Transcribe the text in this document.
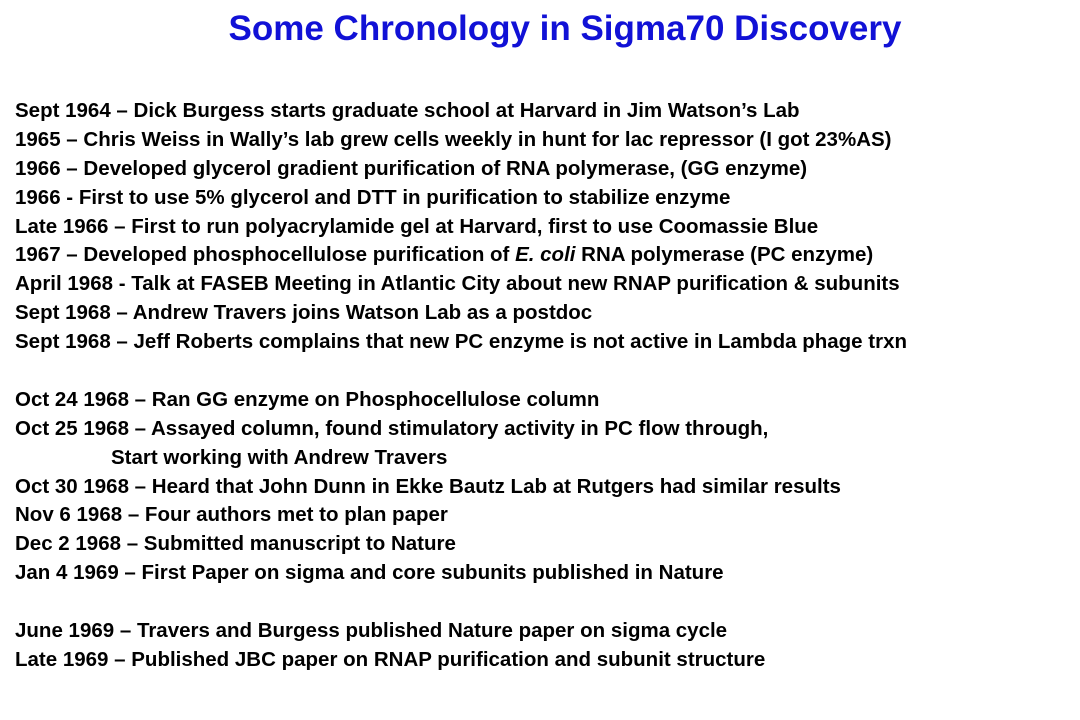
Some Chronology in Sigma70 Discovery
Sept 1964 – Dick Burgess starts graduate school at Harvard in Jim Watson’s Lab
1965 – Chris Weiss in Wally’s lab grew cells weekly in hunt for lac repressor (I got 23%AS)
1966 – Developed glycerol gradient purification of RNA polymerase, (GG enzyme)
1966 - First to use 5% glycerol and DTT in purification to stabilize enzyme
Late 1966 – First to run polyacrylamide gel at Harvard, first to use Coomassie Blue
1967 – Developed phosphocellulose purification of E. coli RNA polymerase (PC enzyme)
April 1968 - Talk at FASEB Meeting in Atlantic City about new RNAP purification & subunits
Sept 1968 – Andrew Travers joins Watson Lab as a postdoc
Sept 1968 – Jeff Roberts complains that new PC enzyme is not active in Lambda phage trxn
Oct 24 1968 – Ran GG enzyme on Phosphocellulose column
Oct 25 1968 – Assayed column, found stimulatory activity in PC flow through,
Start working with Andrew Travers
Oct 30 1968 – Heard that John Dunn in Ekke Bautz Lab at Rutgers had similar results
Nov 6 1968 – Four authors met to plan paper
Dec 2 1968 – Submitted manuscript to Nature
Jan 4 1969 – First Paper on sigma and core subunits published in Nature
June 1969 – Travers and Burgess published Nature paper on sigma cycle
Late 1969 – Published JBC paper on RNAP purification and subunit structure
